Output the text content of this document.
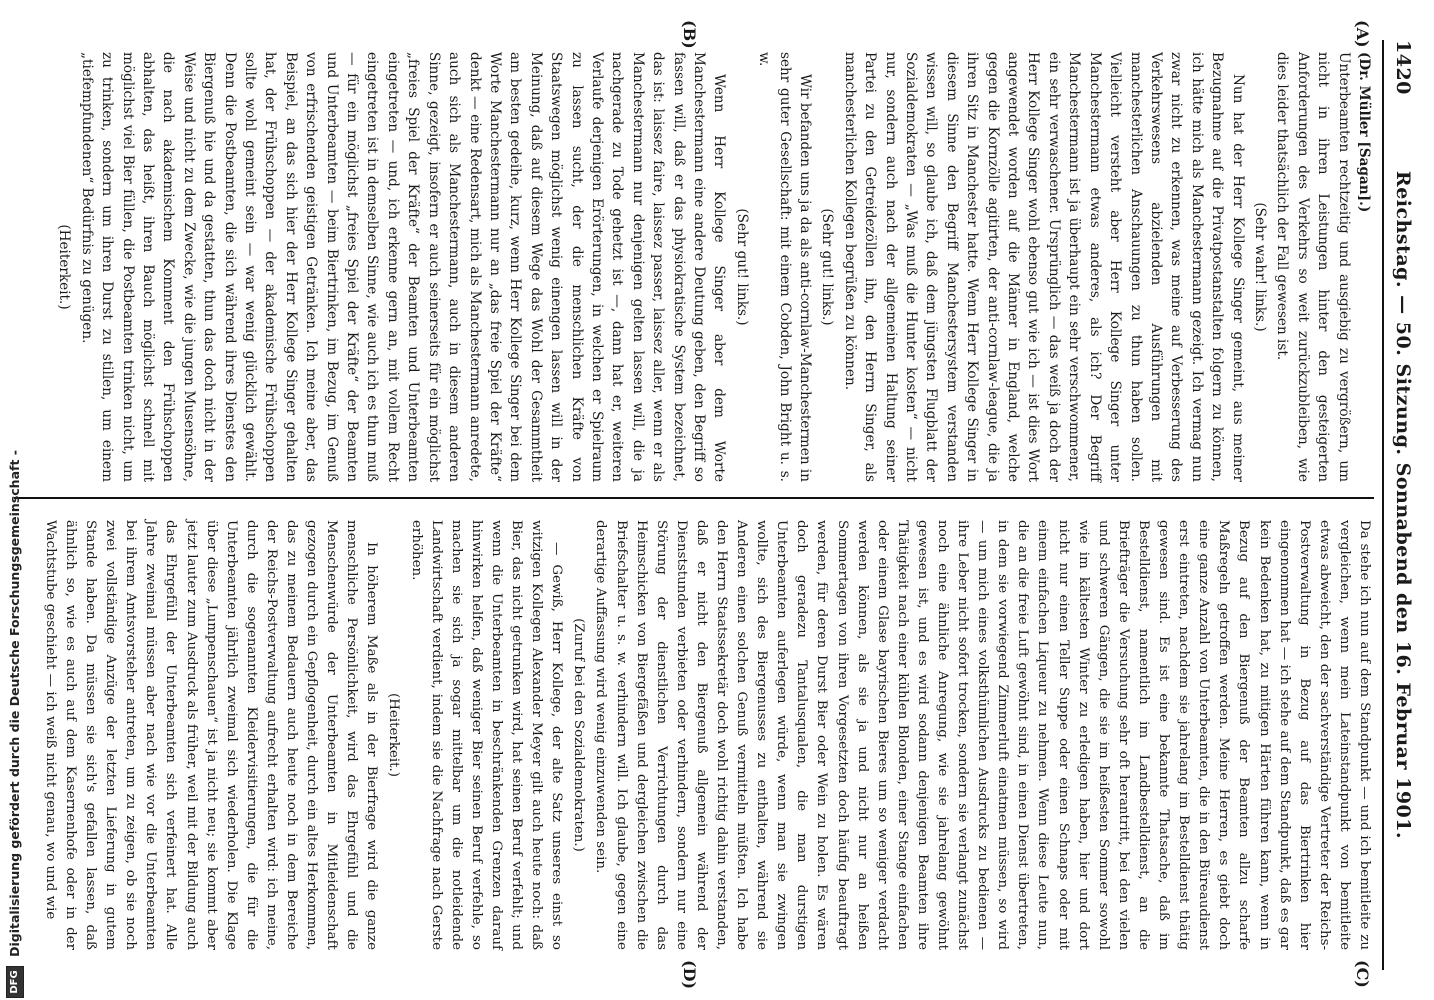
1420
Reichstag. — 50. Sitzung. Sonnabend den 16. Februar 1901.
(A)
(B)
(C)
(D)

(Dr. Müller [Sagan].)

Unterbeamten rechtzeitig und ausgiebig zu vergrößern, um nicht in ihren Leistungen hinter den gesteigerten Anforderungen des Verkehrs so weit zurückzubleiben, wie dies leider thatsächlich der Fall gewesen ist.

(Sehr wahr! links.)

Nun hat der Herr Kollege Singer gemeint, aus meiner Bezugnahme auf die Privatpostanstalten folgern zu können, ich hätte mich als Manchestermann gezeigt. Ich vermag nun zwar nicht zu erkennen, was meine auf Verbesserung des Verkehrswesens abzielenden Ausführungen mit manchesterlichen Anschauungen zu thun haben sollen. Vielleicht versteht aber Herr Kollege Singer unter Manchestermann etwas anderes, als ich? Der Begriff Manchestermann ist ja überhaupt ein sehr verschwommener, ein sehr verwaschener. Ursprünglich — das weiß ja doch der Herr Kollege Singer wohl ebenso gut wie ich — ist dies Wort angewendet worden auf die Männer in England, welche gegen die Kornzölle agitirten, der anti-cornlaw-league, die ja ihren Sitz in Manchester hatte. Wenn Herr Kollege Singer in diesem Sinne den Begriff Manchestersystem verstanden wissen will, so glaube ich, daß dem jüngsten Flugblatt der Sozialdemokraten — „Was muß die Hunter kosten“ — nicht nur, sondern auch nach der allgemeinen Haltung seiner Partei zu den Getreidezöllen ihn, den Herrn Singer, als manchesterlichen Kollegen begrüßen zu können.

(Sehr gut! links.)

Wir befanden uns ja da als anti-cornlaw-Manchestermen in sehr guter Gesellschaft: mit einem Cobden, John Bright u. s. w.

(Sehr gut! links.)

Wenn Herr Kollege Singer aber dem Worte Manchestermann eine andere Deutung geben, den Begriff so fassen will, daß er das physiokratische System bezeichnet, das ist: laissez faire, laissez passer, laissez aller, wenn er als Manchestermann nur denjenigen gelten lassen will, die ja nachgerade zu Tode gehetzt ist —, dann hat er, weiteren Verlaufe derjenigen Erörterungen, in welchen er Spielraum zu lassen sucht, der die menschlichen Kräfte von Staatswegen möglichst wenig einengen lassen will in der Meinung, daß auf diesem Wege das Wohl der Gesammtheit am besten gedeihe, kurz, wenn Herr Kollege Singer bei dem Worte Manchestermann nur an „das freie Spiel der Kräfte“ denkt — eine Redensart, mich als Manchestermann anredete, auch sich als Manchestermann, auch in diesem anderen Sinne, gezeigt, insofern er auch seinerseits für ein möglichst „freies Spiel der Kräfte“ der Beamten und Unterbeamten eingetreten — und, ich erkenne gern an, mit vollem Recht eingetreten ist in demselben Sinne, wie auch ich es thun muß — für ein möglichst „freies Spiel der Kräfte“ der Beamten und Unterbeamten — beim Biertrinken, im Bezug, im Genuß von erfrischenden geistigen Getränken. Ich meine aber, das Beispiel, an das sich hier der Herr Kollege Singer gehalten hat, der Frühschoppen — der akademische Frühschoppen sollte wohl gemeint sein — war wenig glücklich gewählt. Denn die Postbeamten, die sich während ihres Dienstes den Biergenuß hie und da gestatten, thun das doch nicht in der Weise und nicht zu dem Zwecke, wie die jungen Musensöhne, die nach akademischem Komment den Frühschoppen abhalten, das heißt, ihren Bauch möglichst schnell mit möglichst viel Bier füllen, die Postbeamten trinken nicht, um zu trinken, sondern um ihren Durst zu stillen, um einem „tiefempfundenen“ Bedürfnis zu genügen.

(Heiterkeit.)

Da stehe ich nun auf dem Standpunkt — und ich bemitleite zu vergleichen, wenn mein Lateinstandpunkt von bemitleite etwas abweicht, den der sachverständige Vertreter der Reichs-Postverwaltung in Bezug auf das Biertrinken hier eingenommen hat — ich stehe auf dem Standpunkt, daß es gar kein Bedenken hat, zu mitigen Härten führen kann, wenn in Bezug auf den Biergenuß der Beamten allzu scharfe Maßregeln getroffen werden. Meine Herren, es giebt doch eine ganze Anzahl von Unterbeamten, die in den Büreaudienst erst eintreten, nachdem sie jahrelang im Bestelldienst thätig gewesen sind. Es ist eine bekannte Thatsache, daß im Bestelldienst, namentlich im Landbestelldienst, an die Briefträger die Versuchung sehr oft herantritt, bei den vielen und schweren Gängen, die sie im heißesten Sommer sowohl wie im kältesten Winter zu erledigen haben, hier und dort nicht nur einen Teller Suppe oder einen Schnaps oder mit einem einfachen Liqueur zu nehmen. Wenn diese Leute nun, die an die freie Luft gewöhnt sind, in einen Dienst übertreten, in dem sie vorwiegend Zimmerluft einatmen müssen, so wird — um mich eines volksthümlichen Ausdrucks zu bedienen — ihre Leber nicht sofort trocken, sondern sie verlangt zunächst noch eine ähnliche Anregung, wie sie jahrelang gewöhnt gewesen ist, und es wird sodann denjenigen Beamten ihre Thätigkeit nach einer kühlen Blonden, einer Stange einfachen oder einem Glase bayrischen Bieres um so weniger verdacht werden können, als sie ja und nicht nur an heißen Sommertagen von ihren Vorgesetzten doch häufig beauftragt werden, für deren Durst Bier oder Wein zu holen. Es wären doch geradezu Tantalusqualen, die man durstigen Unterbeamten auferlegen würde, wenn man sie zwingen wollte, sich des Biergenusses zu enthalten, während sie Anderen einen solchen Genuß vermitteln müßten. Ich habe den Herrn Staatssekretär doch wohl richtig dahin verstanden, daß er nicht den Biergenuß allgemein während der Dienststunden verbieten oder verhindern, sondern nur eine Störung der dienstlichen Verrichtungen durch das Heimschicken von Biergefäßen und dergleichen zwischen die Briefschalter u. s. w. verhindern will. Ich glaube, gegen eine derartige Auffassung wird wenig einzuwenden sein.

(Zuruf bei den Sozialdemokraten.)

— Gewiß, Herr Kollege, der alte Satz unseres einst so witzigen Kollegen Alexander Meyer gilt auch heute noch: daß Bier, das nicht getrunken wird, hat seinen Beruf verfehlt; und wenn die Unterbeamten in beschränkenden Grenzen darauf hinwirken helfen, daß weniger Bier seinen Beruf verfehle, so machen sie sich ja sogar mittelbar um die notleidende Landwirtschaft verdient, indem sie die Nachfrage nach Gerste erhöhen.

(Heiterkeit.)

In höherem Maße als in der Bierfrage wird die ganze menschliche Persönlichkeit, wird das Ehrgefühl und die Menschenwürde der Unterbeamten in Mitleidenschaft gezogen durch ein Gepflogenheit, durch ein altes Herkommen, das zu meinem Bedauern auch heute noch in dem Bereiche der Reichs-Postverwaltung aufrecht erhalten wird: ich meine, durch die sogenannten Kleidervisitierungen, die für die Unterbeamten jährlich zweimal sich wiederholen. Die Klage über diese „Lumpenschauen“ ist ja nicht neu; sie kommt aber jetzt lauter zum Ausdruck als früher, weil mit der Bildung auch das Ehrgefühl der Unterbeamten sich verfeinert hat. Alle Jahre zweimal müssen aber nach wie vor die Unterbeamten bei ihrem Amtsvorsteher antreten, um zu zeigen, ob sie noch zwei vollständige Anzüge der letzten Lieferung in gutem Stande haben. Da müssen sie sich's gefallen lassen, daß ähnlich so, wie es auch auf dem Kasernenhofe oder in der Wachtstube geschieht — ich weiß nicht genau, wo und wie

DFG Digitalisierung gefördert durch die Deutsche Forschungsgemeinschaft -
